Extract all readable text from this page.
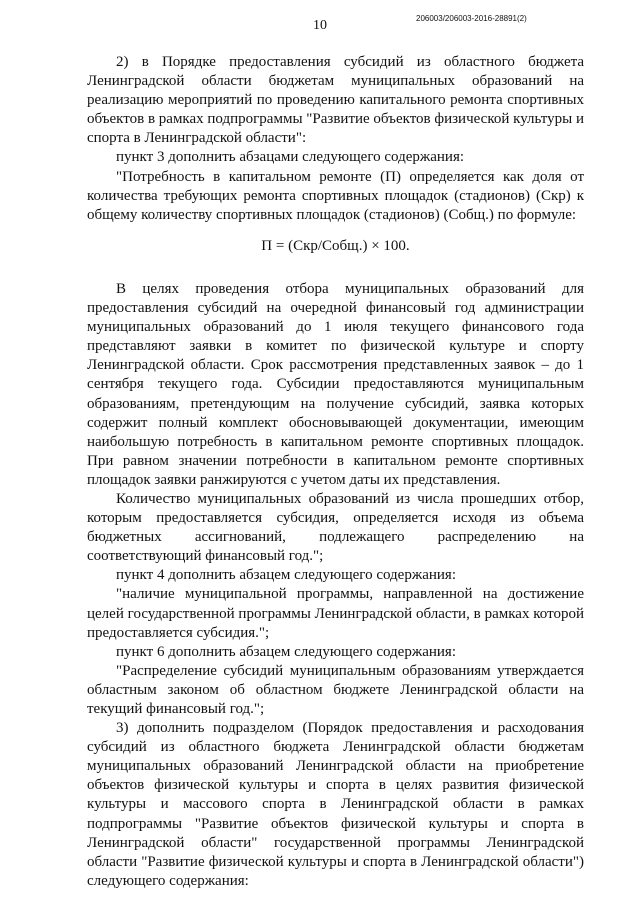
10	206003/206003-2016-28891(2)

2) в Порядке предоставления субсидий из областного бюджета Ленинградской области бюджетам муниципальных образований на реализацию мероприятий по проведению капитального ремонта спортивных объектов в рамках подпрограммы "Развитие объектов физической культуры и спорта в Ленинградской области":

пункт 3 дополнить абзацами следующего содержания:

"Потребность в капитальном ремонте (П) определяется как доля от количества требующих ремонта спортивных площадок (стадионов) (Скр) к общему количеству спортивных площадок (стадионов) (Собщ.) по формуле:

П = (Скр/Собщ.) × 100.

В целях проведения отбора муниципальных образований для предоставления субсидий на очередной финансовый год администрации муниципальных образований до 1 июля текущего финансового года представляют заявки в комитет по физической культуре и спорту Ленинградской области. Срок рассмотрения представленных заявок – до 1 сентября текущего года. Субсидии предоставляются муниципальным образованиям, претендующим на получение субсидий, заявка которых содержит полный комплект обосновывающей документации, имеющим наибольшую потребность в капитальном ремонте спортивных площадок. При равном значении потребности в капитальном ремонте спортивных площадок заявки ранжируются с учетом даты их представления.

Количество муниципальных образований из числа прошедших отбор, которым предоставляется субсидия, определяется исходя из объема бюджетных ассигнований, подлежащего распределению на соответствующий финансовый год.";

пункт 4 дополнить абзацем следующего содержания:

"наличие муниципальной программы, направленной на достижение целей государственной программы Ленинградской области, в рамках которой предоставляется субсидия.";

пункт 6 дополнить абзацем следующего содержания:

"Распределение субсидий муниципальным образованиям утверждается областным законом об областном бюджете Ленинградской области на текущий финансовый год.";

3) дополнить подразделом (Порядок предоставления и расходования субсидий из областного бюджета Ленинградской области бюджетам муниципальных образований Ленинградской области на приобретение объектов физической культуры и спорта в целях развития физической культуры и массового спорта в Ленинградской области в рамках подпрограммы "Развитие объектов физической культуры и спорта в Ленинградской области" государственной программы Ленинградской области "Развитие физической культуры и спорта в Ленинградской области") следующего содержания:
